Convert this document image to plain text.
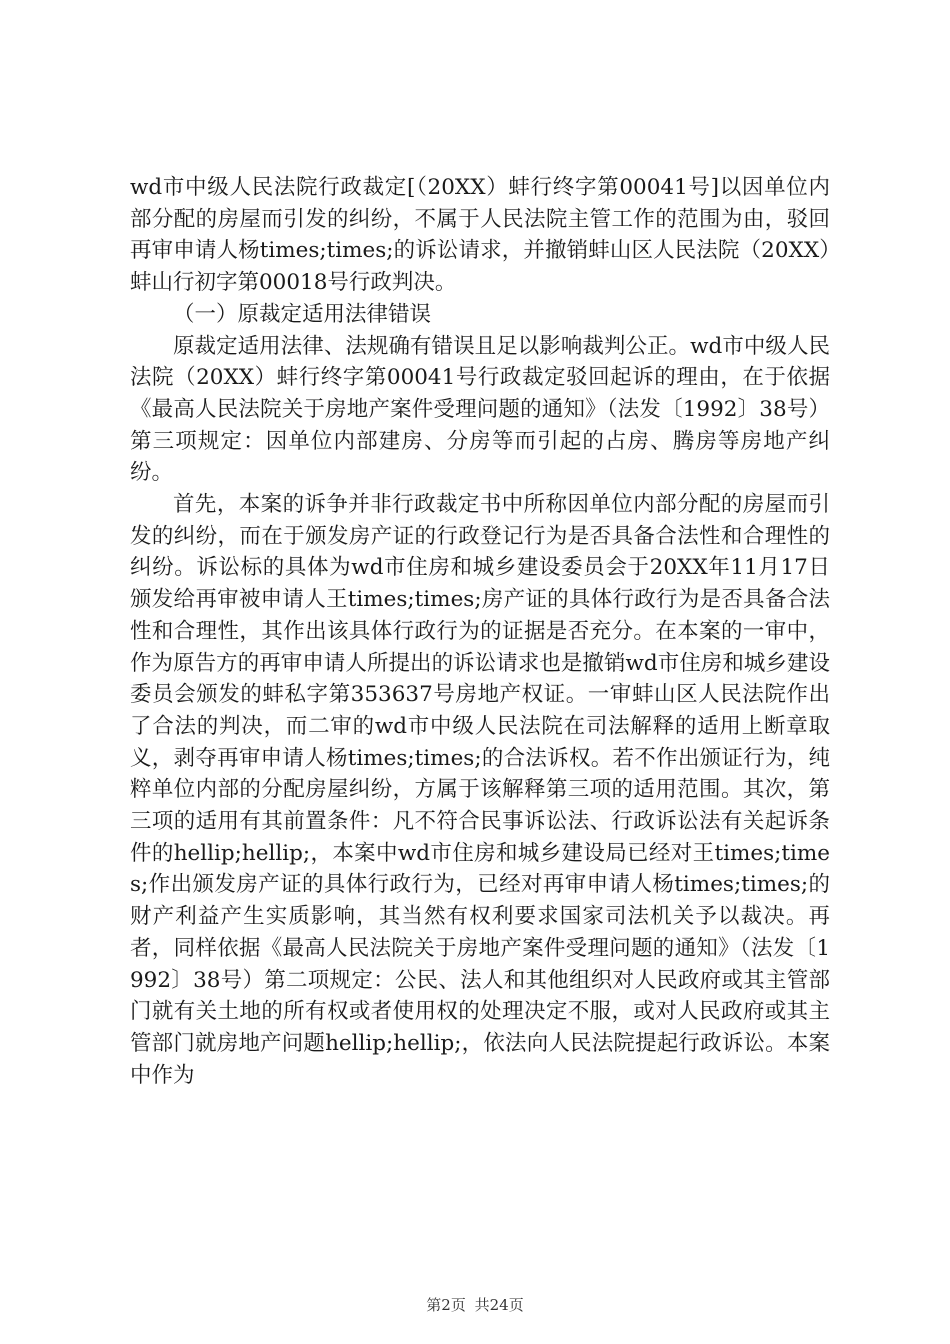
wd市中级人民法院行政裁定[（20XX）蚌行终字第00041号]以因单位内部分配的房屋而引发的纠纷，不属于人民法院主管工作的范围为由，驳回再审申请人杨times;times;的诉讼请求，并撤销蚌山区人民法院（20XX）蚌山行初字第00018号行政判决。

（一）原裁定适用法律错误

原裁定适用法律、法规确有错误且足以影响裁判公正。wd市中级人民法院（20XX）蚌行终字第00041号行政裁定驳回起诉的理由，在于依据《最高人民法院关于房地产案件受理问题的通知》（法发〔1992〕38号）第三项规定：因单位内部建房、分房等而引起的占房、腾房等房地产纠纷。

首先，本案的诉争并非行政裁定书中所称因单位内部分配的房屋而引发的纠纷，而在于颁发房产证的行政登记行为是否具备合法性和合理性的纠纷。诉讼标的具体为wd市住房和城乡建设委员会于20XX年11月17日颁发给再审被申请人王times;times;房产证的具体行政行为是否具备合法性和合理性，其作出该具体行政行为的证据是否充分。在本案的一审中，作为原告方的再审申请人所提出的诉讼请求也是撤销wd市住房和城乡建设委员会颁发的蚌私字第353637号房地产权证。一审蚌山区人民法院作出了合法的判决，而二审的wd市中级人民法院在司法解释的适用上断章取义，剥夺再审申请人杨times;times;的合法诉权。若不作出颁证行为，纯粹单位内部的分配房屋纠纷，方属于该解释第三项的适用范围。其次，第三项的适用有其前置条件：凡不符合民事诉讼法、行政诉讼法有关起诉条件的hellip;hellip;，本案中wd市住房和城乡建设局已经对王times;times;作出颁发房产证的具体行政行为，已经对再审申请人杨times;times;的财产利益产生实质影响，其当然有权利要求国家司法机关予以裁决。再者，同样依据《最高人民法院关于房地产案件受理问题的通知》（法发〔1992〕38号）第二项规定：公民、法人和其他组织对人民政府或其主管部门就有关土地的所有权或者使用权的处理决定不服，或对人民政府或其主管部门就房地产问题hellip;hellip;，依法向人民法院提起行政诉讼。本案中作为

第2页 共24页
